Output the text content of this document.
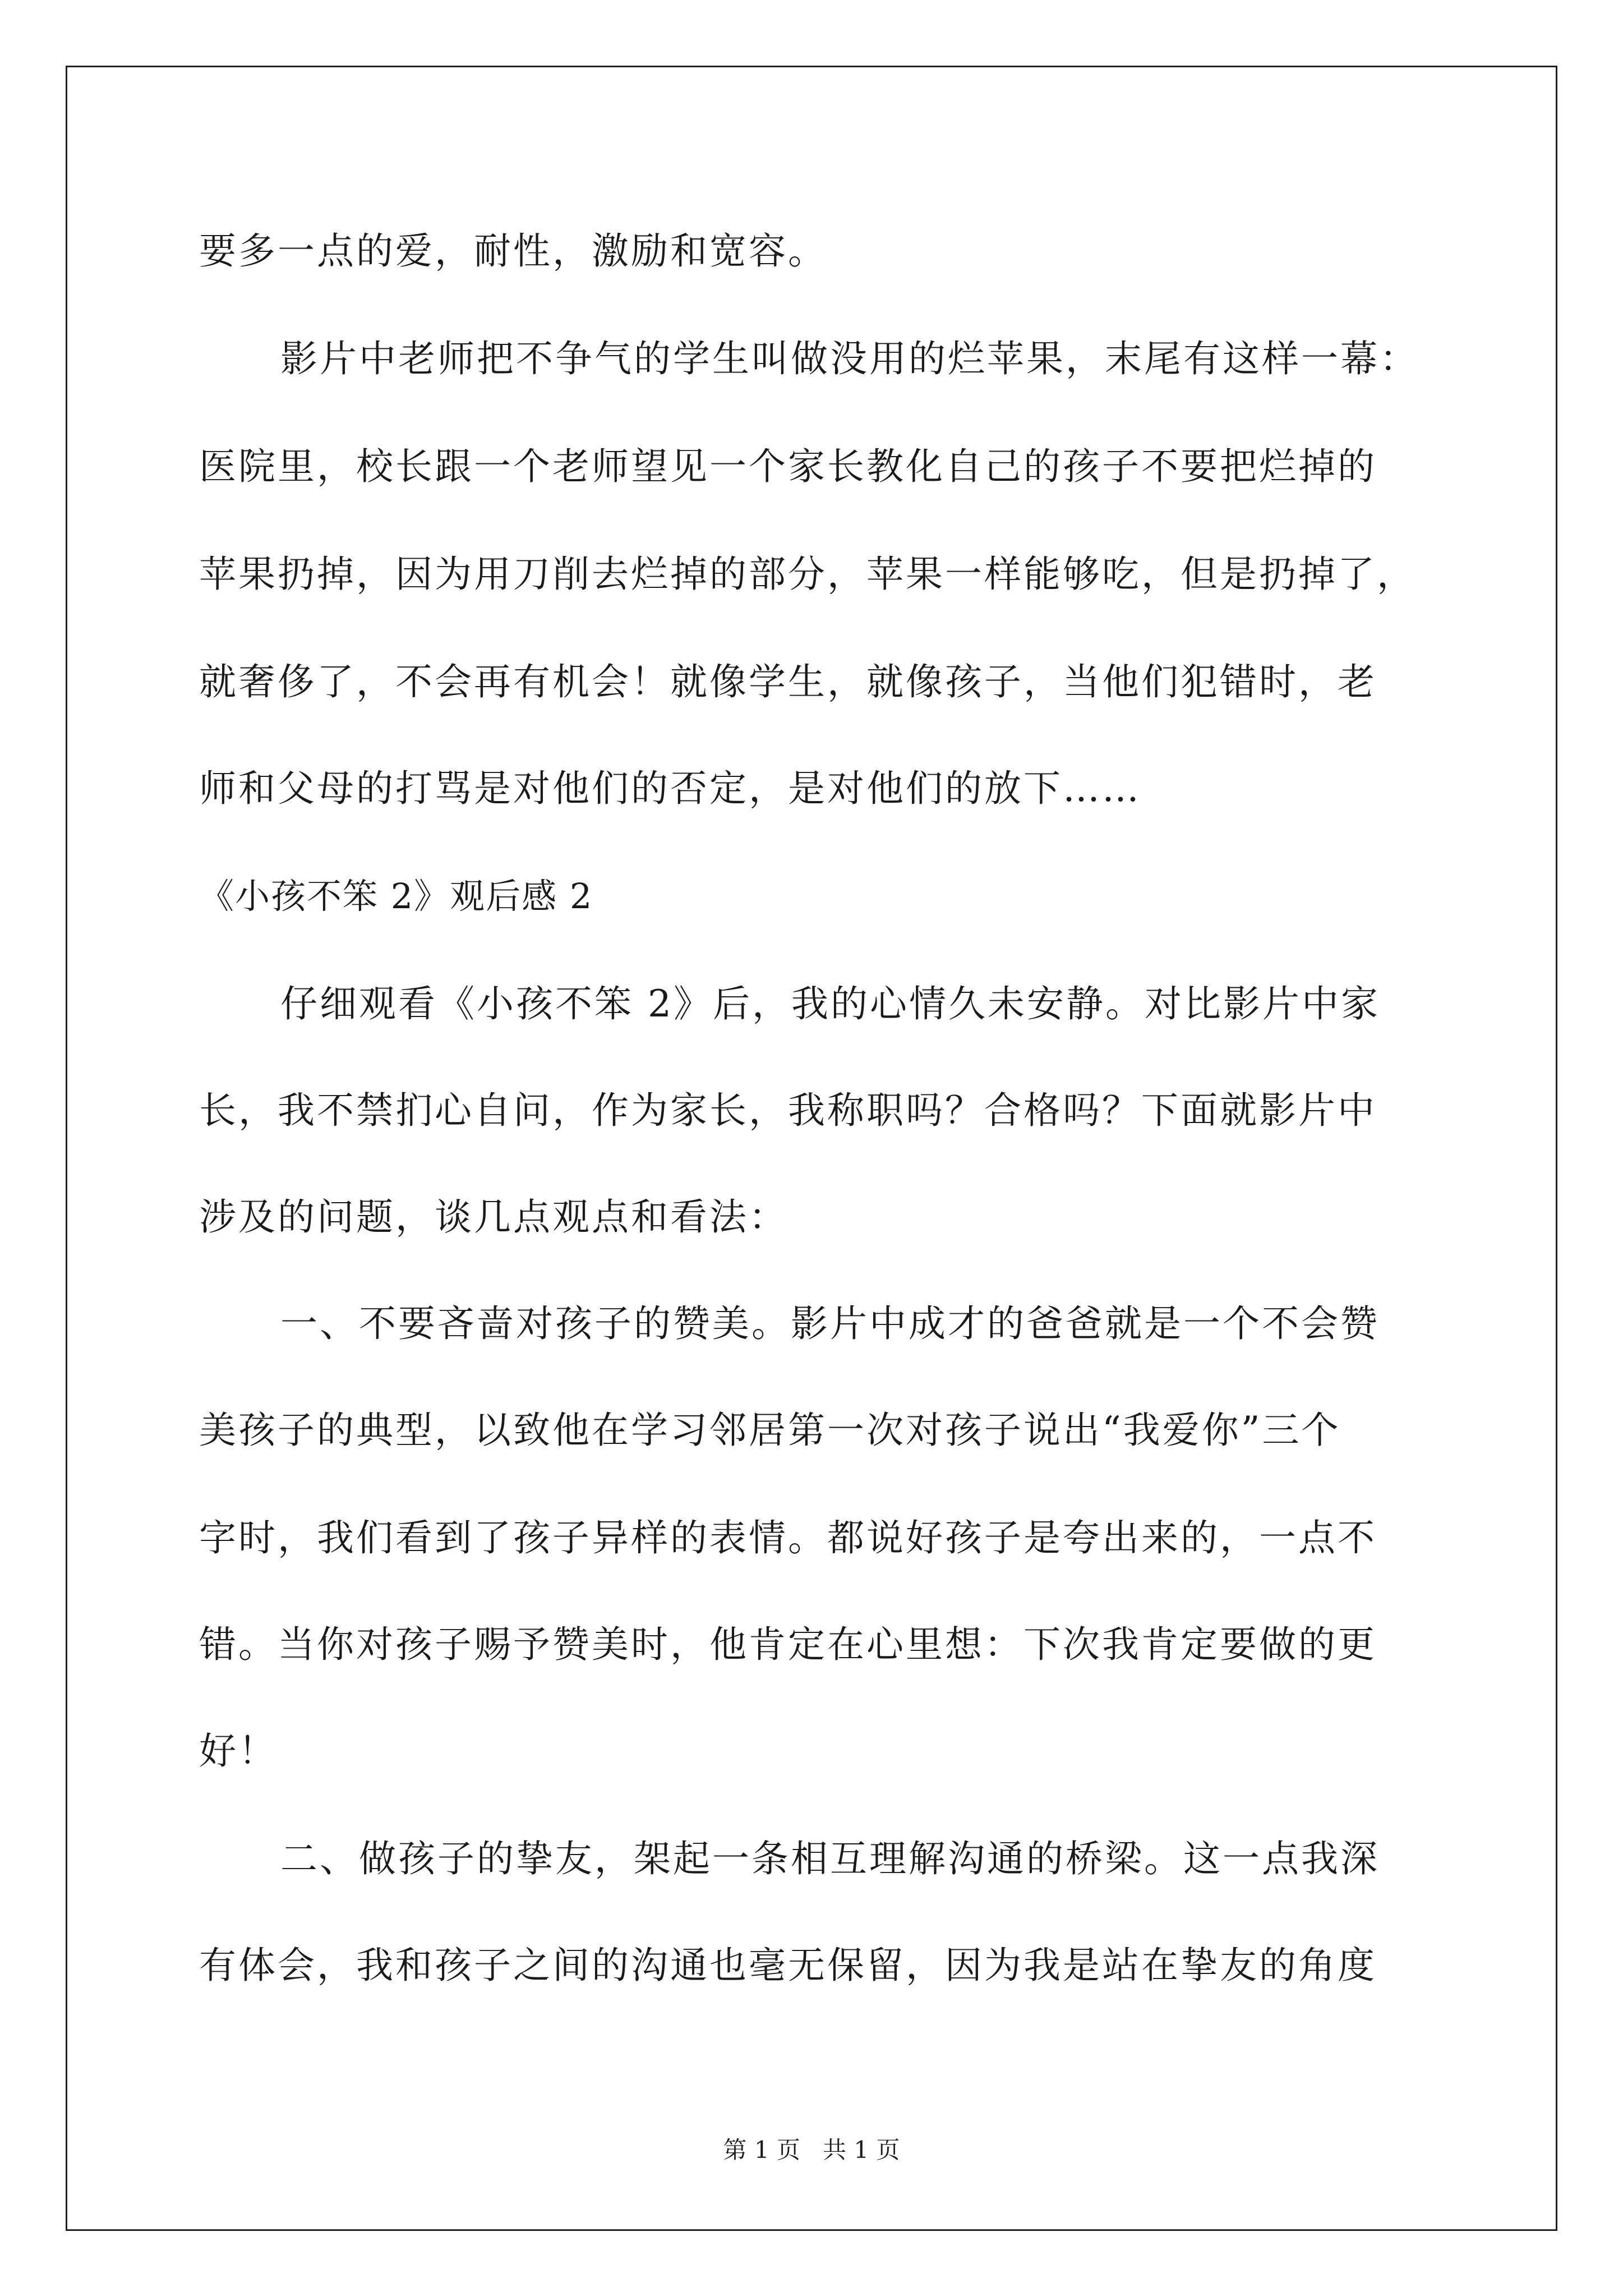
要多一点的爱，耐性，激励和宽容。
影片中老师把不争气的学生叫做没用的烂苹果，末尾有这样一幕：
医院里，校长跟一个老师望见一个家长教化自己的孩子不要把烂掉的
苹果扔掉，因为用刀削去烂掉的部分，苹果一样能够吃，但是扔掉了，
就奢侈了，不会再有机会！就像学生，就像孩子，当他们犯错时，老
师和父母的打骂是对他们的否定，是对他们的放下……
《小孩不笨 2》观后感 2
仔细观看《小孩不笨 2》后，我的心情久未安静。对比影片中家
长，我不禁扪心自问，作为家长，我称职吗？合格吗？下面就影片中
涉及的问题，谈几点观点和看法：
一、不要吝啬对孩子的赞美。影片中成才的爸爸就是一个不会赞
美孩子的典型，以致他在学习邻居第一次对孩子说出“我爱你”三个
字时，我们看到了孩子异样的表情。都说好孩子是夸出来的，一点不
错。当你对孩子赐予赞美时，他肯定在心里想：下次我肯定要做的更
好！
二、做孩子的挚友，架起一条相互理解沟通的桥梁。这一点我深
有体会，我和孩子之间的沟通也毫无保留，因为我是站在挚友的角度
第 1 页   共 1 页
